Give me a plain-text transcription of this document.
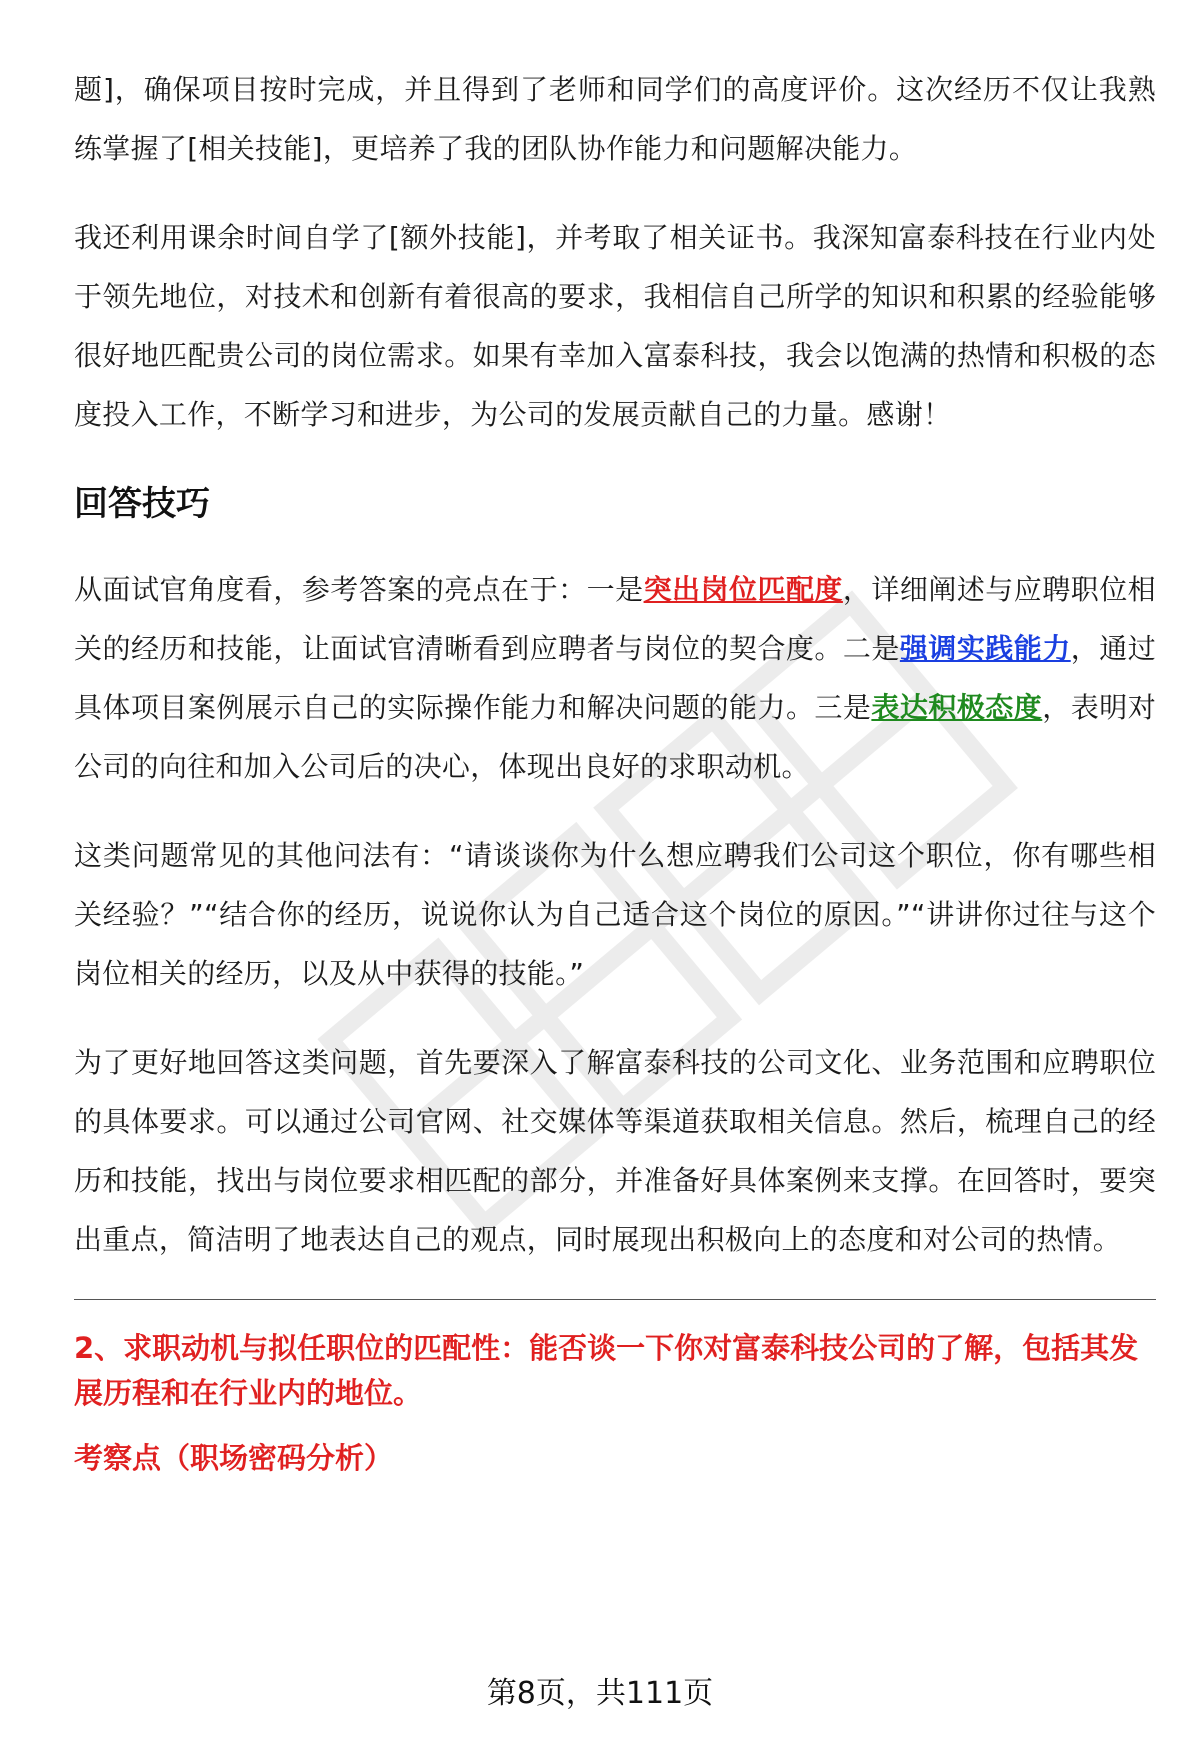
题]，确保项目按时完成，并且得到了老师和同学们的高度评价。这次经历不仅让我熟练掌握了[相关技能]，更培养了我的团队协作能力和问题解决能力。

我还利用课余时间自学了[额外技能]，并考取了相关证书。我深知富泰科技在行业内处于领先地位，对技术和创新有着很高的要求，我相信自己所学的知识和积累的经验能够很好地匹配贵公司的岗位需求。如果有幸加入富泰科技，我会以饱满的热情和积极的态度投入工作，不断学习和进步，为公司的发展贡献自己的力量。感谢！

回答技巧

从面试官角度看，参考答案的亮点在于：一是突出岗位匹配度，详细阐述与应聘职位相关的经历和技能，让面试官清晰看到应聘者与岗位的契合度。二是强调实践能力，通过具体项目案例展示自己的实际操作能力和解决问题的能力。三是表达积极态度，表明对公司的向往和加入公司后的决心，体现出良好的求职动机。

这类问题常见的其他问法有：“请谈谈你为什么想应聘我们公司这个职位，你有哪些相关经验？”“结合你的经历，说说你认为自己适合这个岗位的原因。”“讲讲你过往与这个岗位相关的经历，以及从中获得的技能。”

为了更好地回答这类问题，首先要深入了解富泰科技的公司文化、业务范围和应聘职位的具体要求。可以通过公司官网、社交媒体等渠道获取相关信息。然后，梳理自己的经历和技能，找出与岗位要求相匹配的部分，并准备好具体案例来支撑。在回答时，要突出重点，简洁明了地表达自己的观点，同时展现出积极向上的态度和对公司的热情。

2、求职动机与拟任职位的匹配性：能否谈一下你对富泰科技公司的了解，包括其发展历程和在行业内的地位。
考察点（职场密码分析）
第8页，共111页
